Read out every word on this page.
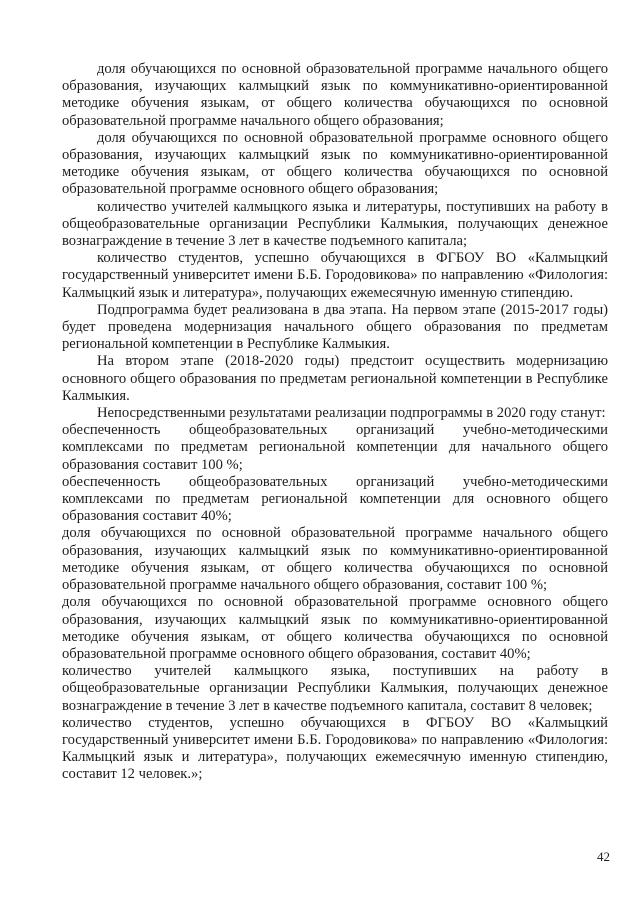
доля обучающихся по основной образовательной программе начального общего образования, изучающих калмыцкий язык по коммуникативно-ориентированной методике обучения языкам, от общего количества обучающихся по основной образовательной программе начального общего образования;

доля обучающихся по основной образовательной программе основного общего образования, изучающих калмыцкий язык по коммуникативно-ориентированной методике обучения языкам, от общего количества обучающихся по основной образовательной программе основного общего образования;

количество учителей калмыцкого языка и литературы, поступивших на работу в общеобразовательные организации Республики Калмыкия, получающих денежное вознаграждение в течение 3 лет в качестве подъемного капитала;

количество студентов, успешно обучающихся в ФГБОУ ВО «Калмыцкий государственный университет имени Б.Б. Городовикова» по направлению «Филология: Калмыцкий язык и литература», получающих ежемесячную именную стипендию.

Подпрограмма будет реализована в два этапа. На первом этапе (2015-2017 годы) будет проведена модернизация начального общего образования по предметам региональной компетенции в Республике Калмыкия.

На втором этапе (2018-2020 годы) предстоит осуществить модернизацию основного общего образования по предметам региональной компетенции в Республике Калмыкия.

Непосредственными результатами реализации подпрограммы в 2020 году станут:

обеспеченность общеобразовательных организаций учебно-методическими комплексами по предметам региональной компетенции для начального общего образования составит 100 %;

обеспеченность общеобразовательных организаций учебно-методическими комплексами по предметам региональной компетенции для основного общего образования составит 40%;

доля обучающихся по основной образовательной программе начального общего образования, изучающих калмыцкий язык по коммуникативно-ориентированной методике обучения языкам, от общего количества обучающихся по основной образовательной программе начального общего образования, составит 100 %;

доля обучающихся по основной образовательной программе основного общего образования, изучающих калмыцкий язык по коммуникативно-ориентированной методике обучения языкам, от общего количества обучающихся по основной образовательной программе основного общего образования, составит 40%;

количество учителей калмыцкого языка, поступивших на работу в общеобразовательные организации Республики Калмыкия, получающих денежное вознаграждение в течение 3 лет в качестве подъемного капитала, составит 8 человек;

количество студентов, успешно обучающихся в ФГБОУ ВО «Калмыцкий государственный университет имени Б.Б. Городовикова» по направлению «Филология: Калмыцкий язык и литература», получающих ежемесячную именную стипендию, составит 12 человек.»;

42
